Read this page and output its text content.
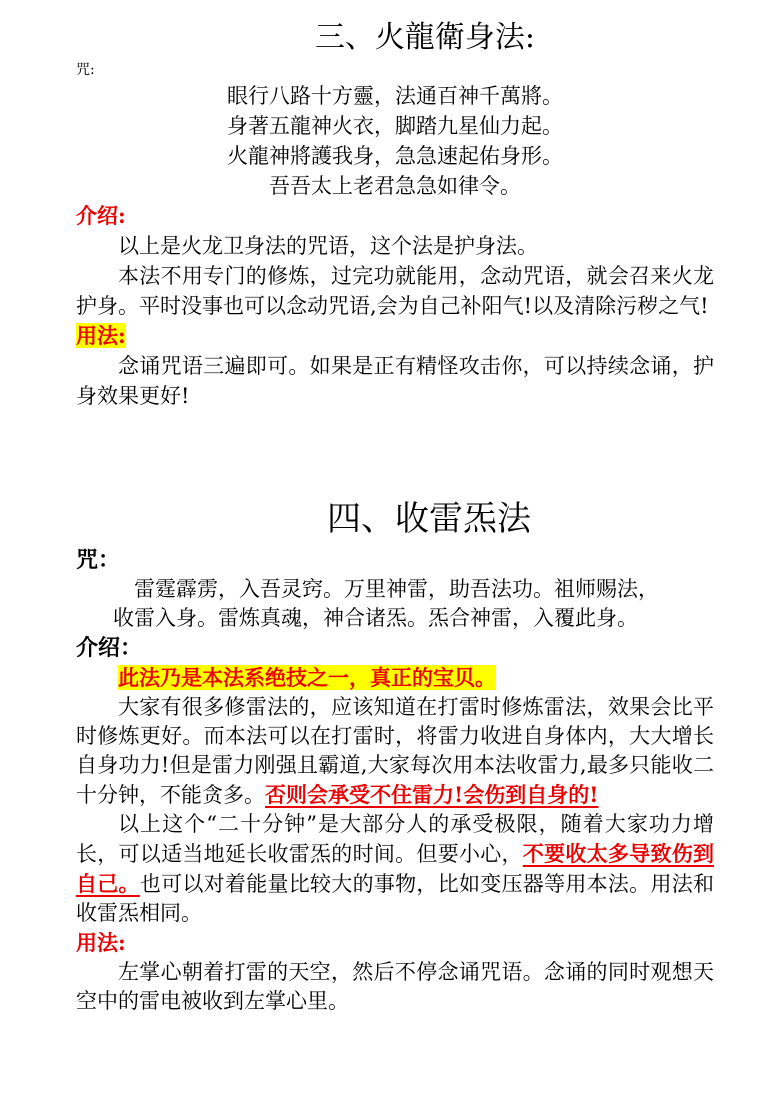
三、火龍衛身法:
咒:
眼行八路十方靈，法通百神千萬將。
身著五龍神火衣，脚踏九星仙力起。
火龍神將護我身，急急速起佑身形。
吾吾太上老君急急如律令。
介绍:

以上是火龙卫身法的咒语，这个法是护身法。

本法不用专门的修炼，过完功就能用，念动咒语，就会召来火龙护身。平时没事也可以念动咒语,会为自己补阳气!以及清除污秽之气!

用法:

念诵咒语三遍即可。如果是正有精怪攻击你，可以持续念诵，护身效果更好!

四、收雷炁法
咒：
雷霆霹雳，入吾灵窍。万里神雷，助吾法功。祖师赐法，
收雷入身。雷炼真魂，神合诸炁。炁合神雷，入覆此身。
介绍：

此法乃是本法系绝技之一，真正的宝贝。

大家有很多修雷法的，应该知道在打雷时修炼雷法，效果会比平时修炼更好。而本法可以在打雷时，将雷力收进自身体内，大大增长自身功力!但是雷力刚强且霸道,大家每次用本法收雷力,最多只能收二十分钟，不能贪多。否则会承受不住雷力!会伤到自身的!

以上这个“二十分钟”是大部分人的承受极限，随着大家功力增长，可以适当地延长收雷炁的时间。但要小心，不要收太多导致伤到自己。也可以对着能量比较大的事物，比如变压器等用本法。用法和收雷炁相同。

用法:

左掌心朝着打雷的天空，然后不停念诵咒语。念诵的同时观想天空中的雷电被收到左掌心里。
